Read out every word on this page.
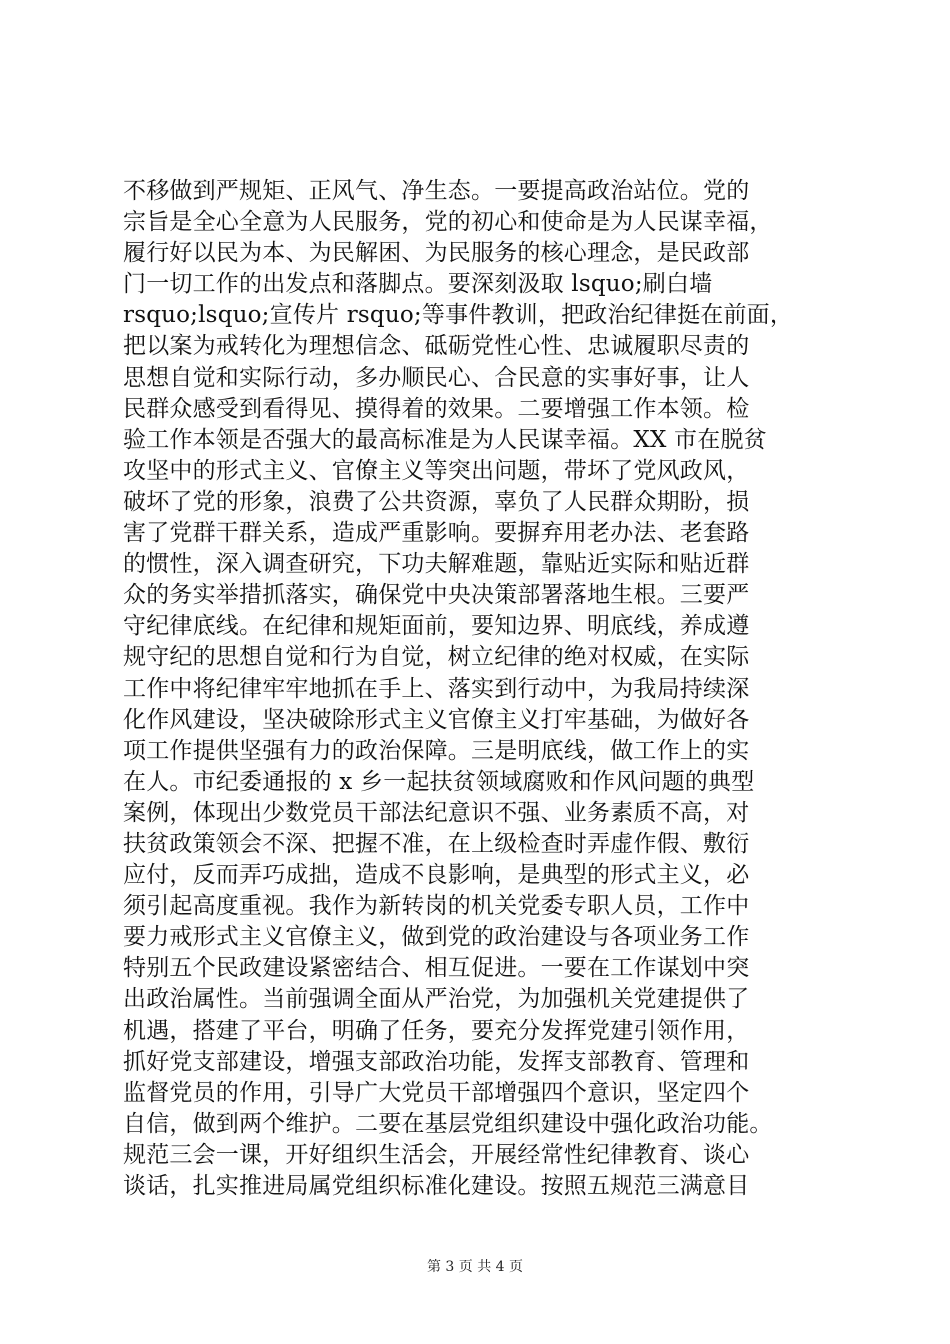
不移做到严规矩、正风气、净生态。一要提高政治站位。党的
宗旨是全心全意为人民服务，党的初心和使命是为人民谋幸福，
履行好以民为本、为民解困、为民服务的核心理念，是民政部
门一切工作的出发点和落脚点。要深刻汲取 lsquo;刷白墙
rsquo;lsquo;宣传片 rsquo;等事件教训，把政治纪律挺在前面，
把以案为戒转化为理想信念、砥砺党性心性、忠诚履职尽责的
思想自觉和实际行动，多办顺民心、合民意的实事好事，让人
民群众感受到看得见、摸得着的效果。二要增强工作本领。检
验工作本领是否强大的最高标准是为人民谋幸福。XX 市在脱贫
攻坚中的形式主义、官僚主义等突出问题，带坏了党风政风，
破坏了党的形象，浪费了公共资源，辜负了人民群众期盼，损
害了党群干群关系，造成严重影响。要摒弃用老办法、老套路
的惯性，深入调查研究，下功夫解难题，靠贴近实际和贴近群
众的务实举措抓落实，确保党中央决策部署落地生根。三要严
守纪律底线。在纪律和规矩面前，要知边界、明底线，养成遵
规守纪的思想自觉和行为自觉，树立纪律的绝对权威，在实际
工作中将纪律牢牢地抓在手上、落实到行动中，为我局持续深
化作风建设，坚决破除形式主义官僚主义打牢基础，为做好各
项工作提供坚强有力的政治保障。三是明底线，做工作上的实
在人。市纪委通报的 x 乡一起扶贫领域腐败和作风问题的典型
案例，体现出少数党员干部法纪意识不强、业务素质不高，对
扶贫政策领会不深、把握不准，在上级检查时弄虚作假、敷衍
应付，反而弄巧成拙，造成不良影响，是典型的形式主义，必
须引起高度重视。我作为新转岗的机关党委专职人员，工作中
要力戒形式主义官僚主义，做到党的政治建设与各项业务工作
特别五个民政建设紧密结合、相互促进。一要在工作谋划中突
出政治属性。当前强调全面从严治党，为加强机关党建提供了
机遇，搭建了平台，明确了任务，要充分发挥党建引领作用，
抓好党支部建设，增强支部政治功能，发挥支部教育、管理和
监督党员的作用，引导广大党员干部增强四个意识，坚定四个
自信，做到两个维护。二要在基层党组织建设中强化政治功能。
规范三会一课，开好组织生活会，开展经常性纪律教育、谈心
谈话，扎实推进局属党组织标准化建设。按照五规范三满意目
第 3 页 共 4 页
